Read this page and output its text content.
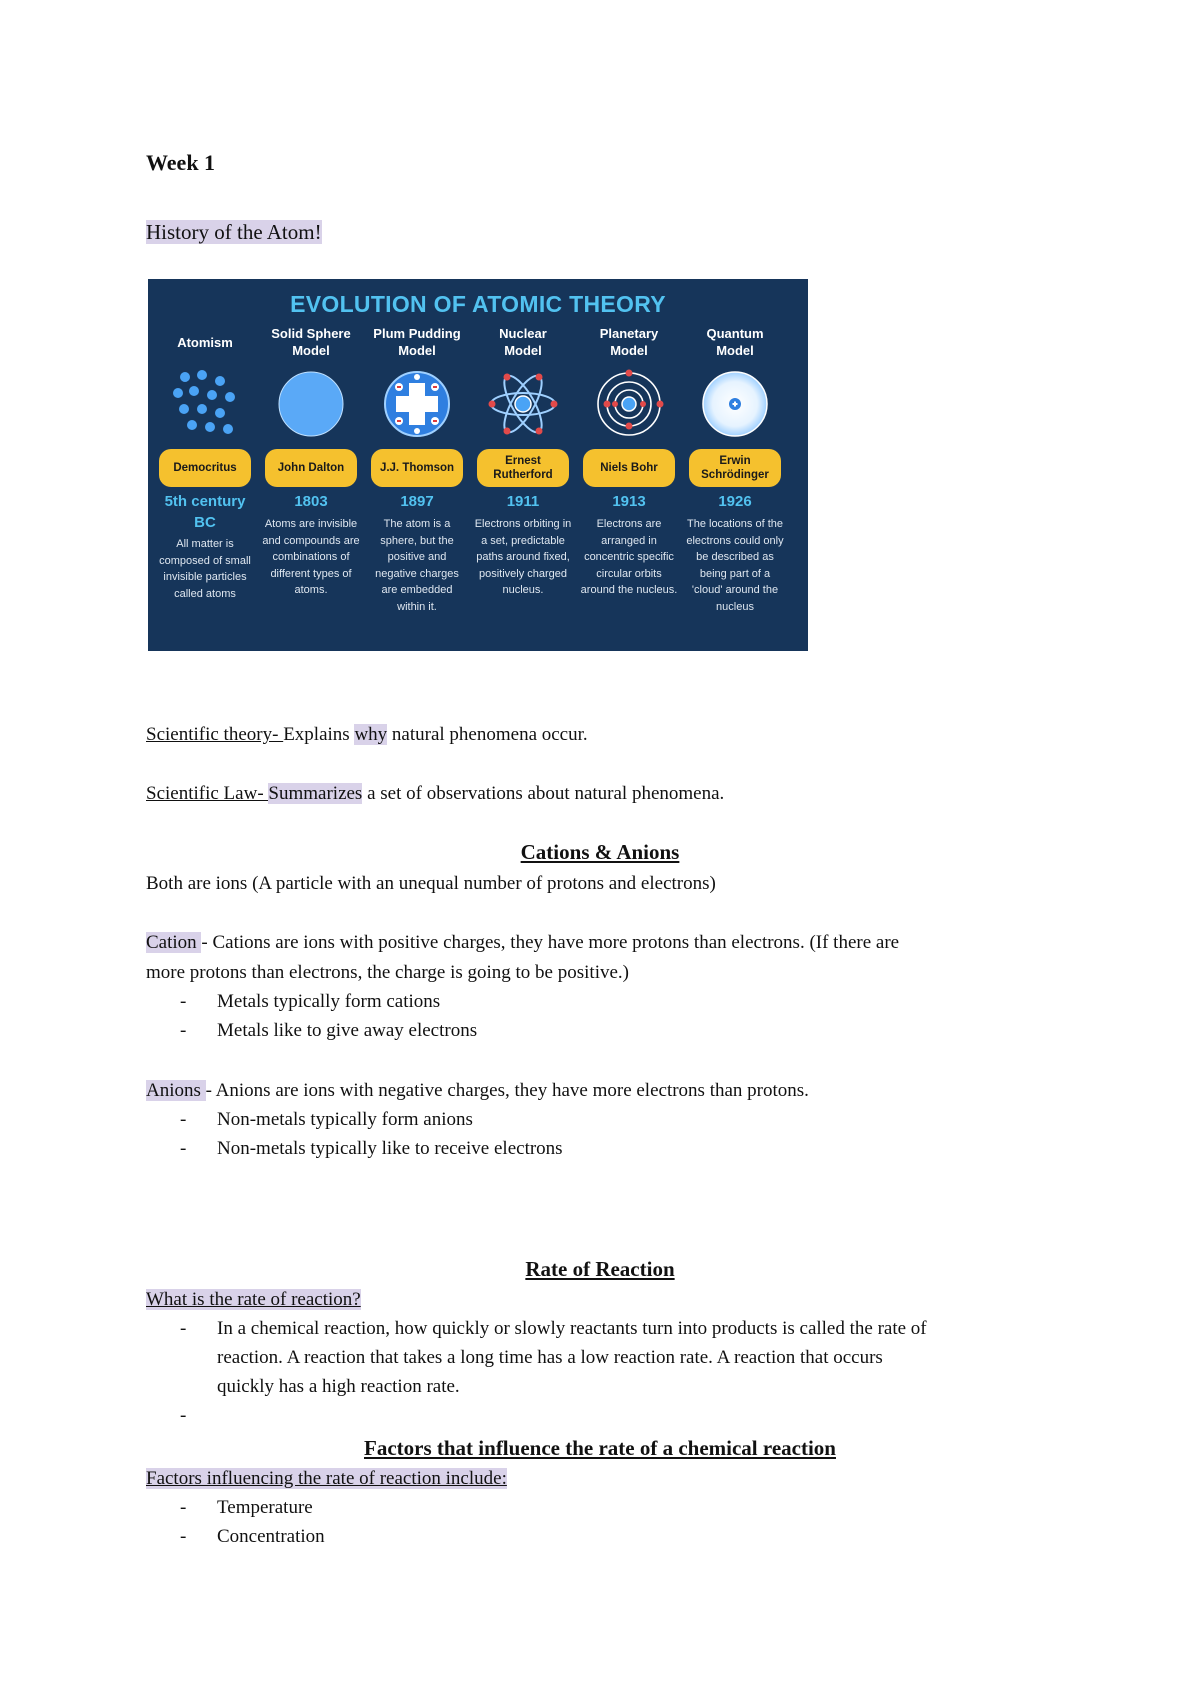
Week 1
History of the Atom!
EVOLUTION OF ATOMIC THEORY
Atomism
Democritus
5th century
BC
All matter is composed of small invisible particles called atoms
Solid Sphere
Model
John Dalton
1803
Atoms are invisible and compounds are combinations of different types of atoms.
Plum Pudding
Model
J.J. Thomson
1897
The atom is a sphere, but the positive and negative charges are embedded within it.
Nuclear
Model
Ernest
Rutherford
1911
Electrons orbiting in a set, predictable paths around fixed, positively charged nucleus.
Planetary
Model
Niels Bohr
1913
Electrons are arranged in concentric specific circular orbits around the nucleus.
Quantum
Model
Erwin
Schrödinger
1926
The locations of the electrons could only be described as being part of a 'cloud' around the nucleus
Scientific theory- Explains why natural phenomena occur.
Scientific Law- Summarizes a set of observations about natural phenomena.
Cations & Anions
Both are ions (A particle with an unequal number of protons and electrons)
Cation - Cations are ions with positive charges, they have more protons than electrons. (If there are
more protons than electrons, the charge is going to be positive.)
- Metals typically form cations
- Metals like to give away electrons
Anions - Anions are ions with negative charges, they have more electrons than protons.
- Non-metals typically form anions
- Non-metals typically like to receive electrons
Rate of Reaction
What is the rate of reaction?
- In a chemical reaction, how quickly or slowly reactants turn into products is called the rate of
reaction. A reaction that takes a long time has a low reaction rate. A reaction that occurs
quickly has a high reaction rate.
-
Factors that influence the rate of a chemical reaction
Factors influencing the rate of reaction include:
- Temperature
- Concentration
